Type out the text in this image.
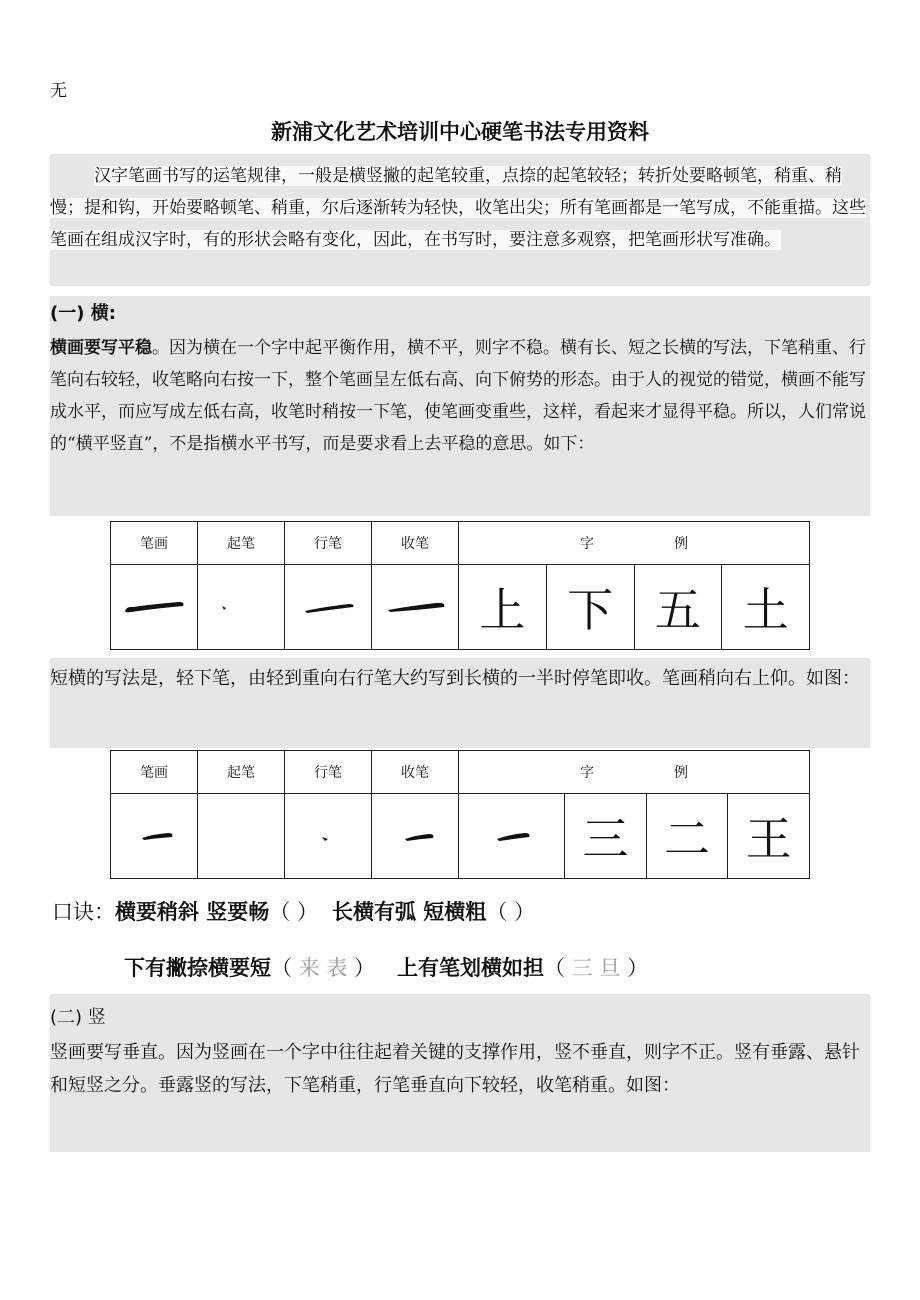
无
新浦文化艺术培训中心硬笔书法专用资料
汉字笔画书写的运笔规律，一般是横竖撇的起笔较重，点捺的起笔较轻；转折处要略顿笔，稍重、稍慢；提和钩，开始要略顿笔、稍重，尔后逐渐转为轻快，收笔出尖；所有笔画都是一笔写成，不能重描。这些笔画在组成汉字时，有的形状会略有变化，因此，在书写时，要注意多观察，把笔画形状写准确。
(一) 横:
横画要写平稳。因为横在一个字中起平衡作用，横不平，则字不稳。横有长、短之长横的写法，下笔稍重、行笔向右较轻，收笔略向右按一下，整个笔画呈左低右高、向下俯势的形态。由于人的视觉的错觉，横画不能写成水平，而应写成左低右高，收笔时稍按一下笔，使笔画变重些，这样，看起来才显得平稳。所以，人们常说的“横平竖直”，不是指横水平书写，而是要求看上去平稳的意思。如下：
笔画	起笔	行笔	收笔	字 例			

	上	下	五	土
短横的写法是，轻下笔，由轻到重向右行笔大约写到长横的一半时停笔即收。笔画稍向右上仰。如图：
笔画	起笔	行笔	收笔	字 例			

	三	二	王
口诀：横要稍斜 竖要畅（ ） 长横有弧 短横粗（ ）
下有撇捺横要短（ 来 表 ） 上有笔划横如担（ 三 旦 ）
(二) 竖
竖画要写垂直。因为竖画在一个字中往往起着关键的支撑作用，竖不垂直，则字不正。竖有垂露、悬针和短竖之分。垂露竖的写法，下笔稍重，行笔垂直向下较轻，收笔稍重。如图：
